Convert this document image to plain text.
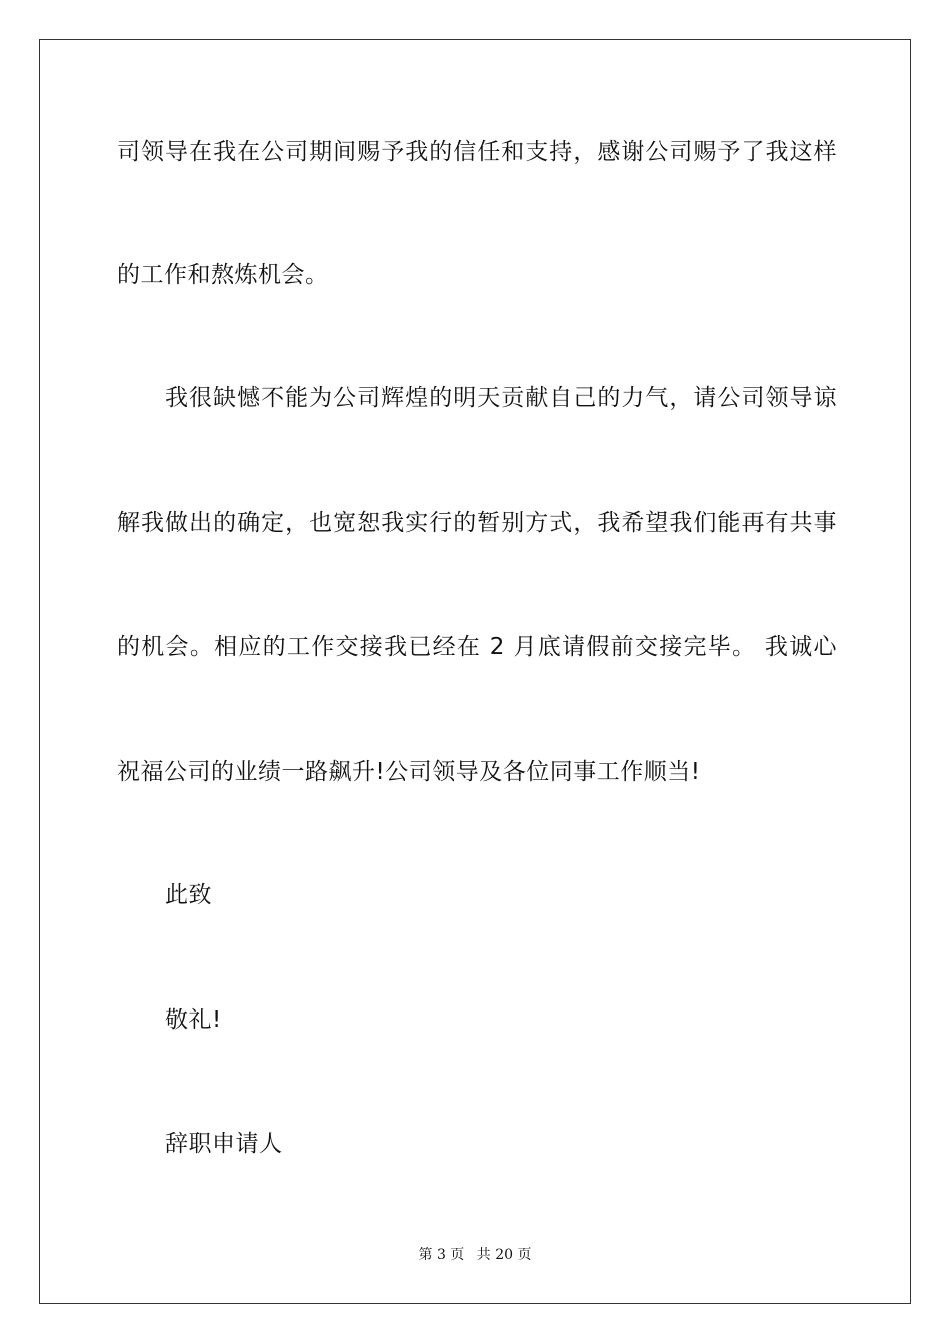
司领导在我在公司期间赐予我的信任和支持，感谢公司赐予了我这样
的工作和熬炼机会。
我很缺憾不能为公司辉煌的明天贡献自己的力气，请公司领导谅
解我做出的确定，也宽恕我实行的暂别方式，我希望我们能再有共事
的机会。相应的工作交接我已经在 2 月底请假前交接完毕。 我诚心
祝福公司的业绩一路飙升!公司领导及各位同事工作顺当!
此致
敬礼!
辞职申请人
第 3 页 共 20 页
